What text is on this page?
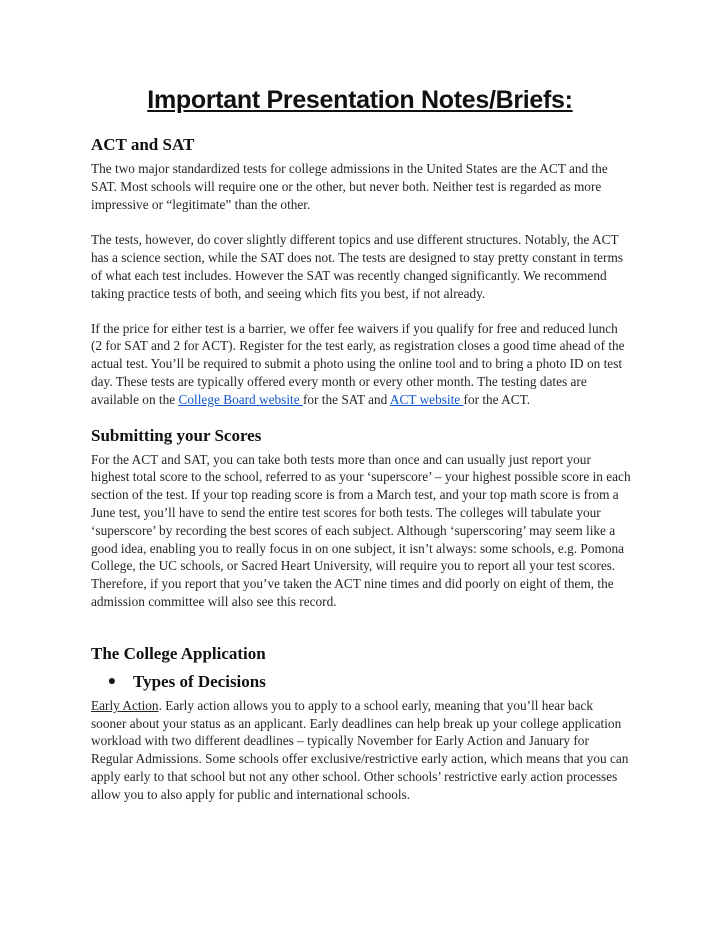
Important Presentation Notes/Briefs:
ACT and SAT

The two major standardized tests for college admissions in the United States are the ACT and the SAT. Most schools will require one or the other, but never both. Neither test is regarded as more impressive or “legitimate” than the other.

The tests, however, do cover slightly different topics and use different structures. Notably, the ACT has a science section, while the SAT does not. The tests are designed to stay pretty constant in terms of what each test includes. However the SAT was recently changed significantly. We recommend taking practice tests of both, and seeing which fits you best, if not already.

If the price for either test is a barrier, we offer fee waivers if you qualify for free and reduced lunch (2 for SAT and 2 for ACT). Register for the test early, as registration closes a good time ahead of the actual test. You’ll be required to submit a photo using the online tool and to bring a photo ID on test day. These tests are typically offered every month or every other month. The testing dates are available on the College Board website for the SAT and ACT website for the ACT.

Submitting your Scores

For the ACT and SAT, you can take both tests more than once and can usually just report your highest total score to the school, referred to as your ‘superscore’ – your highest possible score in each section of the test. If your top reading score is from a March test, and your top math score is from a June test, you’ll have to send the entire test scores for both tests. The colleges will tabulate your ‘superscore’ by recording the best scores of each subject. Although ‘superscoring’ may seem like a good idea, enabling you to really focus in on one subject, it isn’t always: some schools, e.g. Pomona College, the UC schools, or Sacred Heart University, will require you to report all your test scores. Therefore, if you report that you’ve taken the ACT nine times and did poorly on eight of them, the admission committee will also see this record.

The College Application
● Types of Decisions

Early Action. Early action allows you to apply to a school early, meaning that you’ll hear back sooner about your status as an applicant. Early deadlines can help break up your college application workload with two different deadlines – typically November for Early Action and January for Regular Admissions. Some schools offer exclusive/restrictive early action, which means that you can apply early to that school but not any other school. Other schools’ restrictive early action processes allow you to also apply for public and international schools.
